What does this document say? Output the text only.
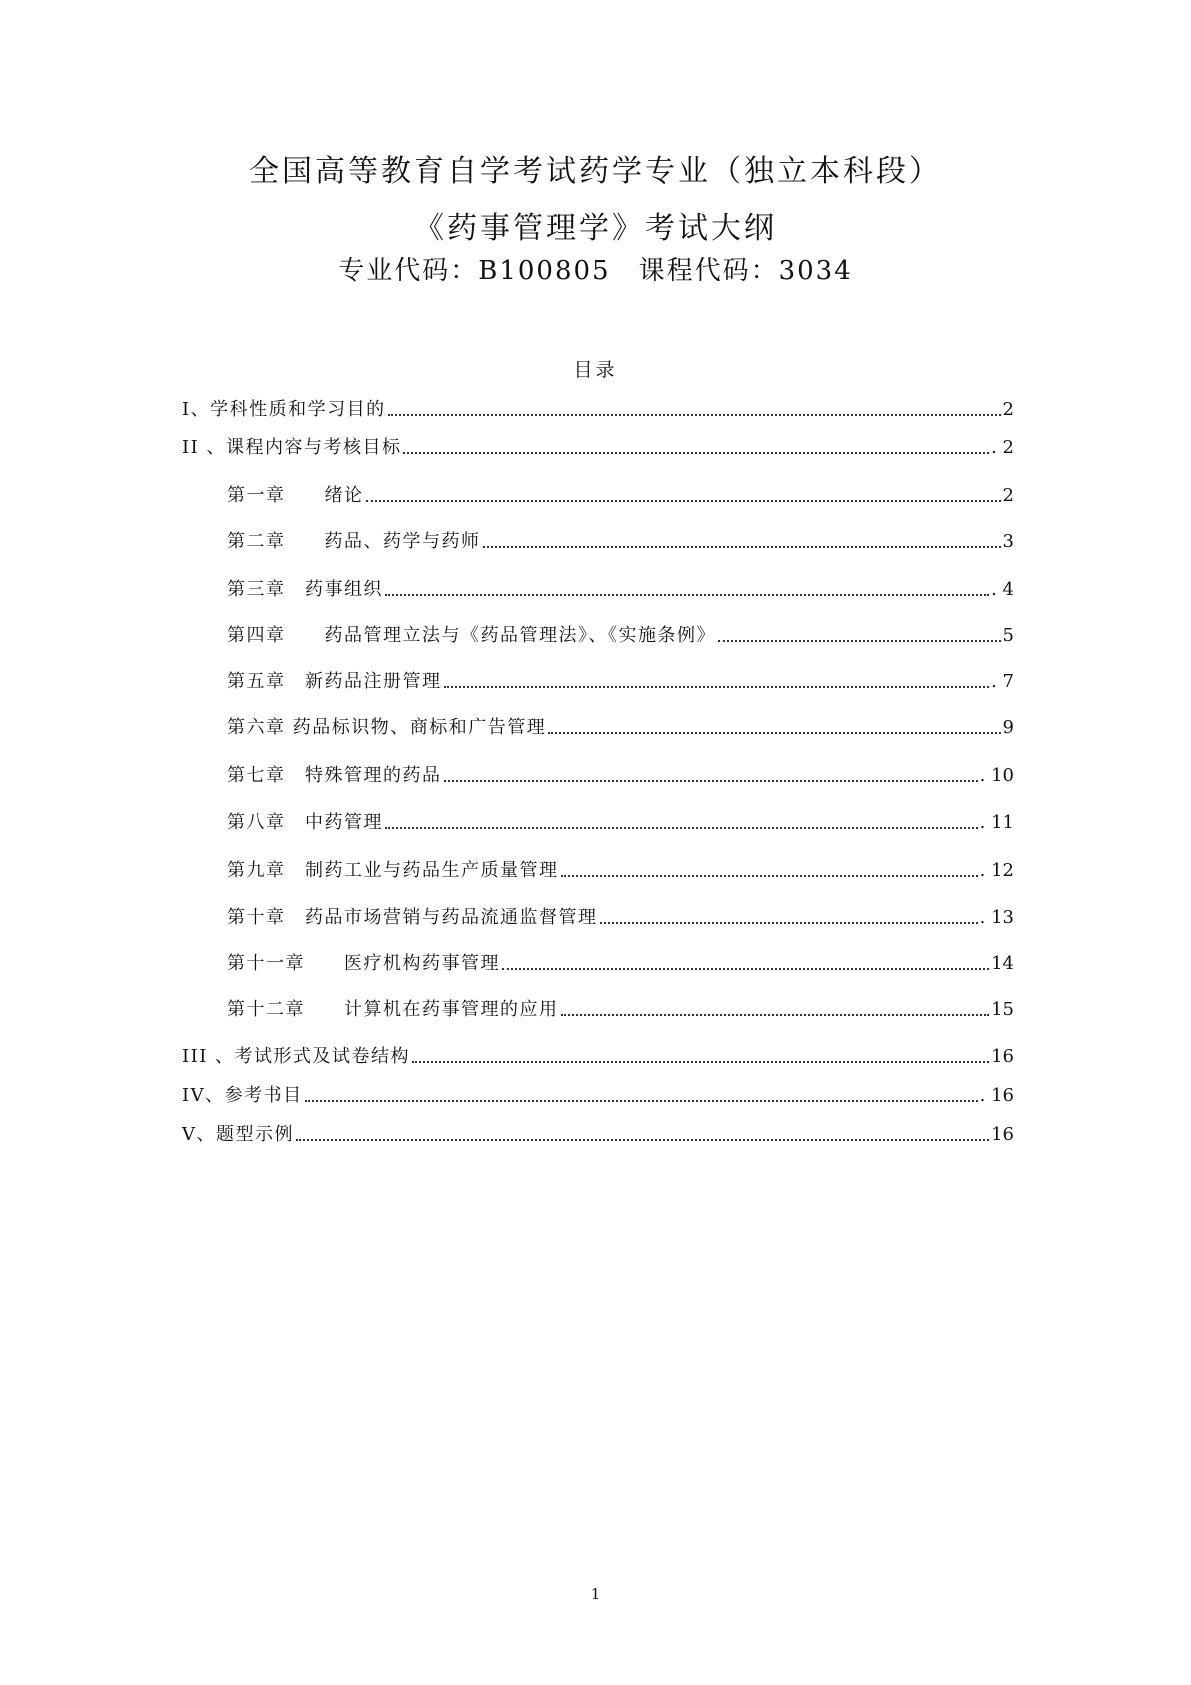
全国高等教育自学考试药学专业（独立本科段）
《药事管理学》考试大纲
专业代码：B100805　课程代码：3034
目录
I、学科性质和学习目的	2
II 、课程内容与考核目标	. 2
第一章　　绪论	2
第二章　　药品、药学与药师	3
第三章　药事组织	. 4
第四章　　药品管理立法与《药品管理法》、《实施条例》	5
第五章　新药品注册管理	. 7
第六章 药品标识物、商标和广告管理	9
第七章　特殊管理的药品	. 10
第八章　中药管理	. 11
第九章　制药工业与药品生产质量管理	. 12
第十章　药品市场营销与药品流通监督管理	. 13
第十一章　　医疗机构药事管理	14
第十二章　　计算机在药事管理的应用	15
III 、考试形式及试卷结构	16
IV、参考书目	. 16
V、题型示例	16
1
